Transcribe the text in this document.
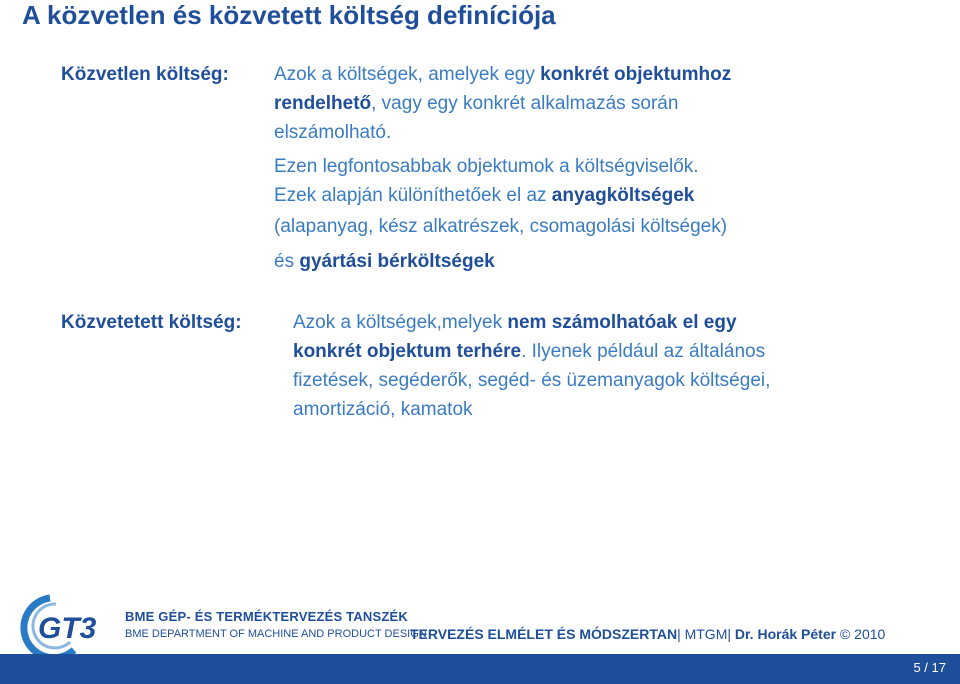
A közvetlen és közvetett költség definíciója
Közvetlen költség: Azok a költségek, amelyek egy konkrét objektumhoz
rendelhető, vagy egy konkrét alkalmazás során
elszámolható.
Ezen legfontosabbak objektumok a költségviselők.
Ezek alapján különíthetőek el az anyagköltségek
(alapanyag, kész alkatrészek, csomagolási költségek)
és gyártási bérköltségek
Közvetetett költség:	Azok a költségek,melyek nem számolhatóak el egy
konkrét objektum terhére. Ilyenek például az általános
fizetések, segéderők, segéd- és üzemanyagok költségei,
amortizáció, kamatok
GT3 BME GÉP- ÉS TERMÉKTERVEZÉS TANSZÉK
BME DEPARTMENT OF MACHINE AND PRODUCT DESIGN
TERVEZÉS ELMÉLET ÉS MÓDSZERTAN| MTGM| Dr. Horák Péter © 2010
5 / 17
